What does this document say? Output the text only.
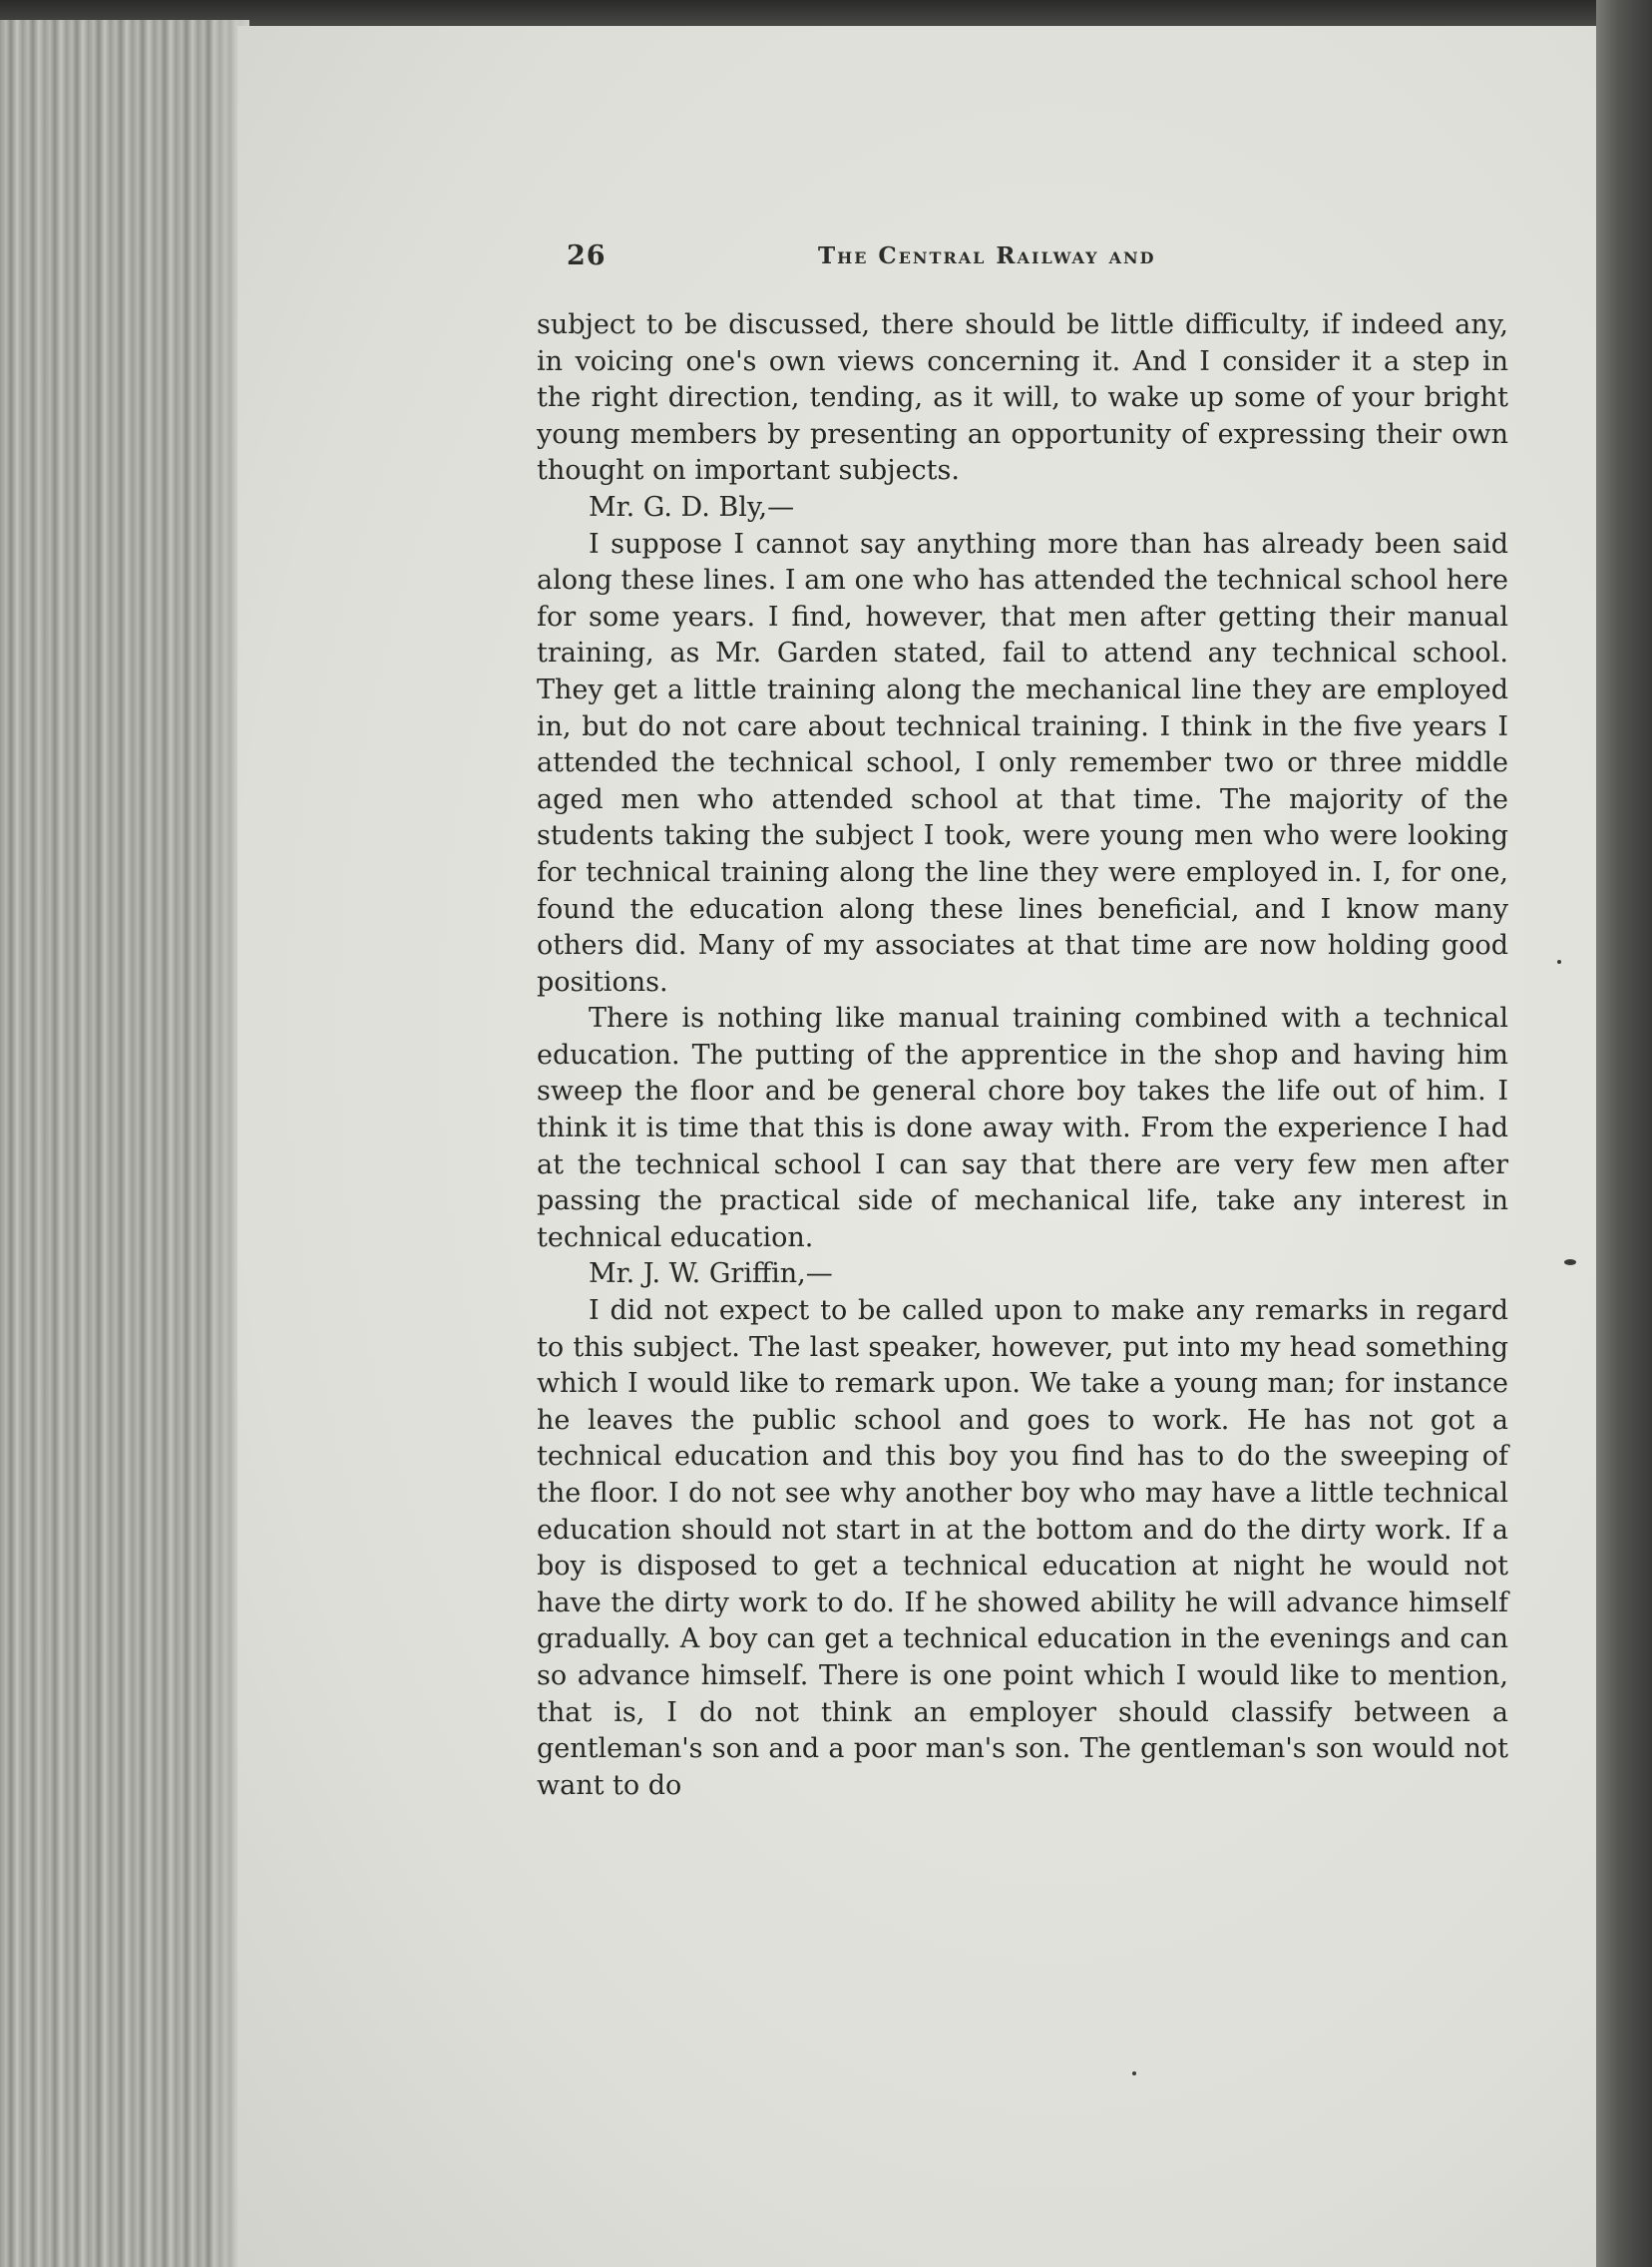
26	The Central Railway and

subject to be discussed, there should be little difficulty, if indeed any, in voicing one's own views concerning it. And I consider it a step in the right direction, tending, as it will, to wake up some of your bright young members by presenting an opportunity of expressing their own thought on important subjects.

Mr. G. D. Bly,—

I suppose I cannot say anything more than has already been said along these lines. I am one who has attended the technical school here for some years. I find, however, that men after getting their manual training, as Mr. Garden stated, fail to attend any technical school. They get a little training along the mechanical line they are employed in, but do not care about technical training. I think in the five years I attended the technical school, I only remember two or three middle aged men who attended school at that time. The majority of the students taking the subject I took, were young men who were looking for technical training along the line they were employed in. I, for one, found the education along these lines beneficial, and I know many others did. Many of my associates at that time are now holding good positions.

There is nothing like manual training combined with a technical education. The putting of the apprentice in the shop and having him sweep the floor and be general chore boy takes the life out of him. I think it is time that this is done away with. From the experience I had at the technical school I can say that there are very few men after passing the practical side of mechanical life, take any interest in technical education.

Mr. J. W. Griffin,—

I did not expect to be called upon to make any remarks in regard to this subject. The last speaker, however, put into my head something which I would like to remark upon. We take a young man; for instance he leaves the public school and goes to work. He has not got a technical education and this boy you find has to do the sweeping of the floor. I do not see why another boy who may have a little technical education should not start in at the bottom and do the dirty work. If a boy is disposed to get a technical education at night he would not have the dirty work to do. If he showed ability he will advance himself gradually. A boy can get a technical education in the evenings and can so advance himself. There is one point which I would like to mention, that is, I do not think an employer should classify between a gentleman's son and a poor man's son. The gentleman's son would not want to do
